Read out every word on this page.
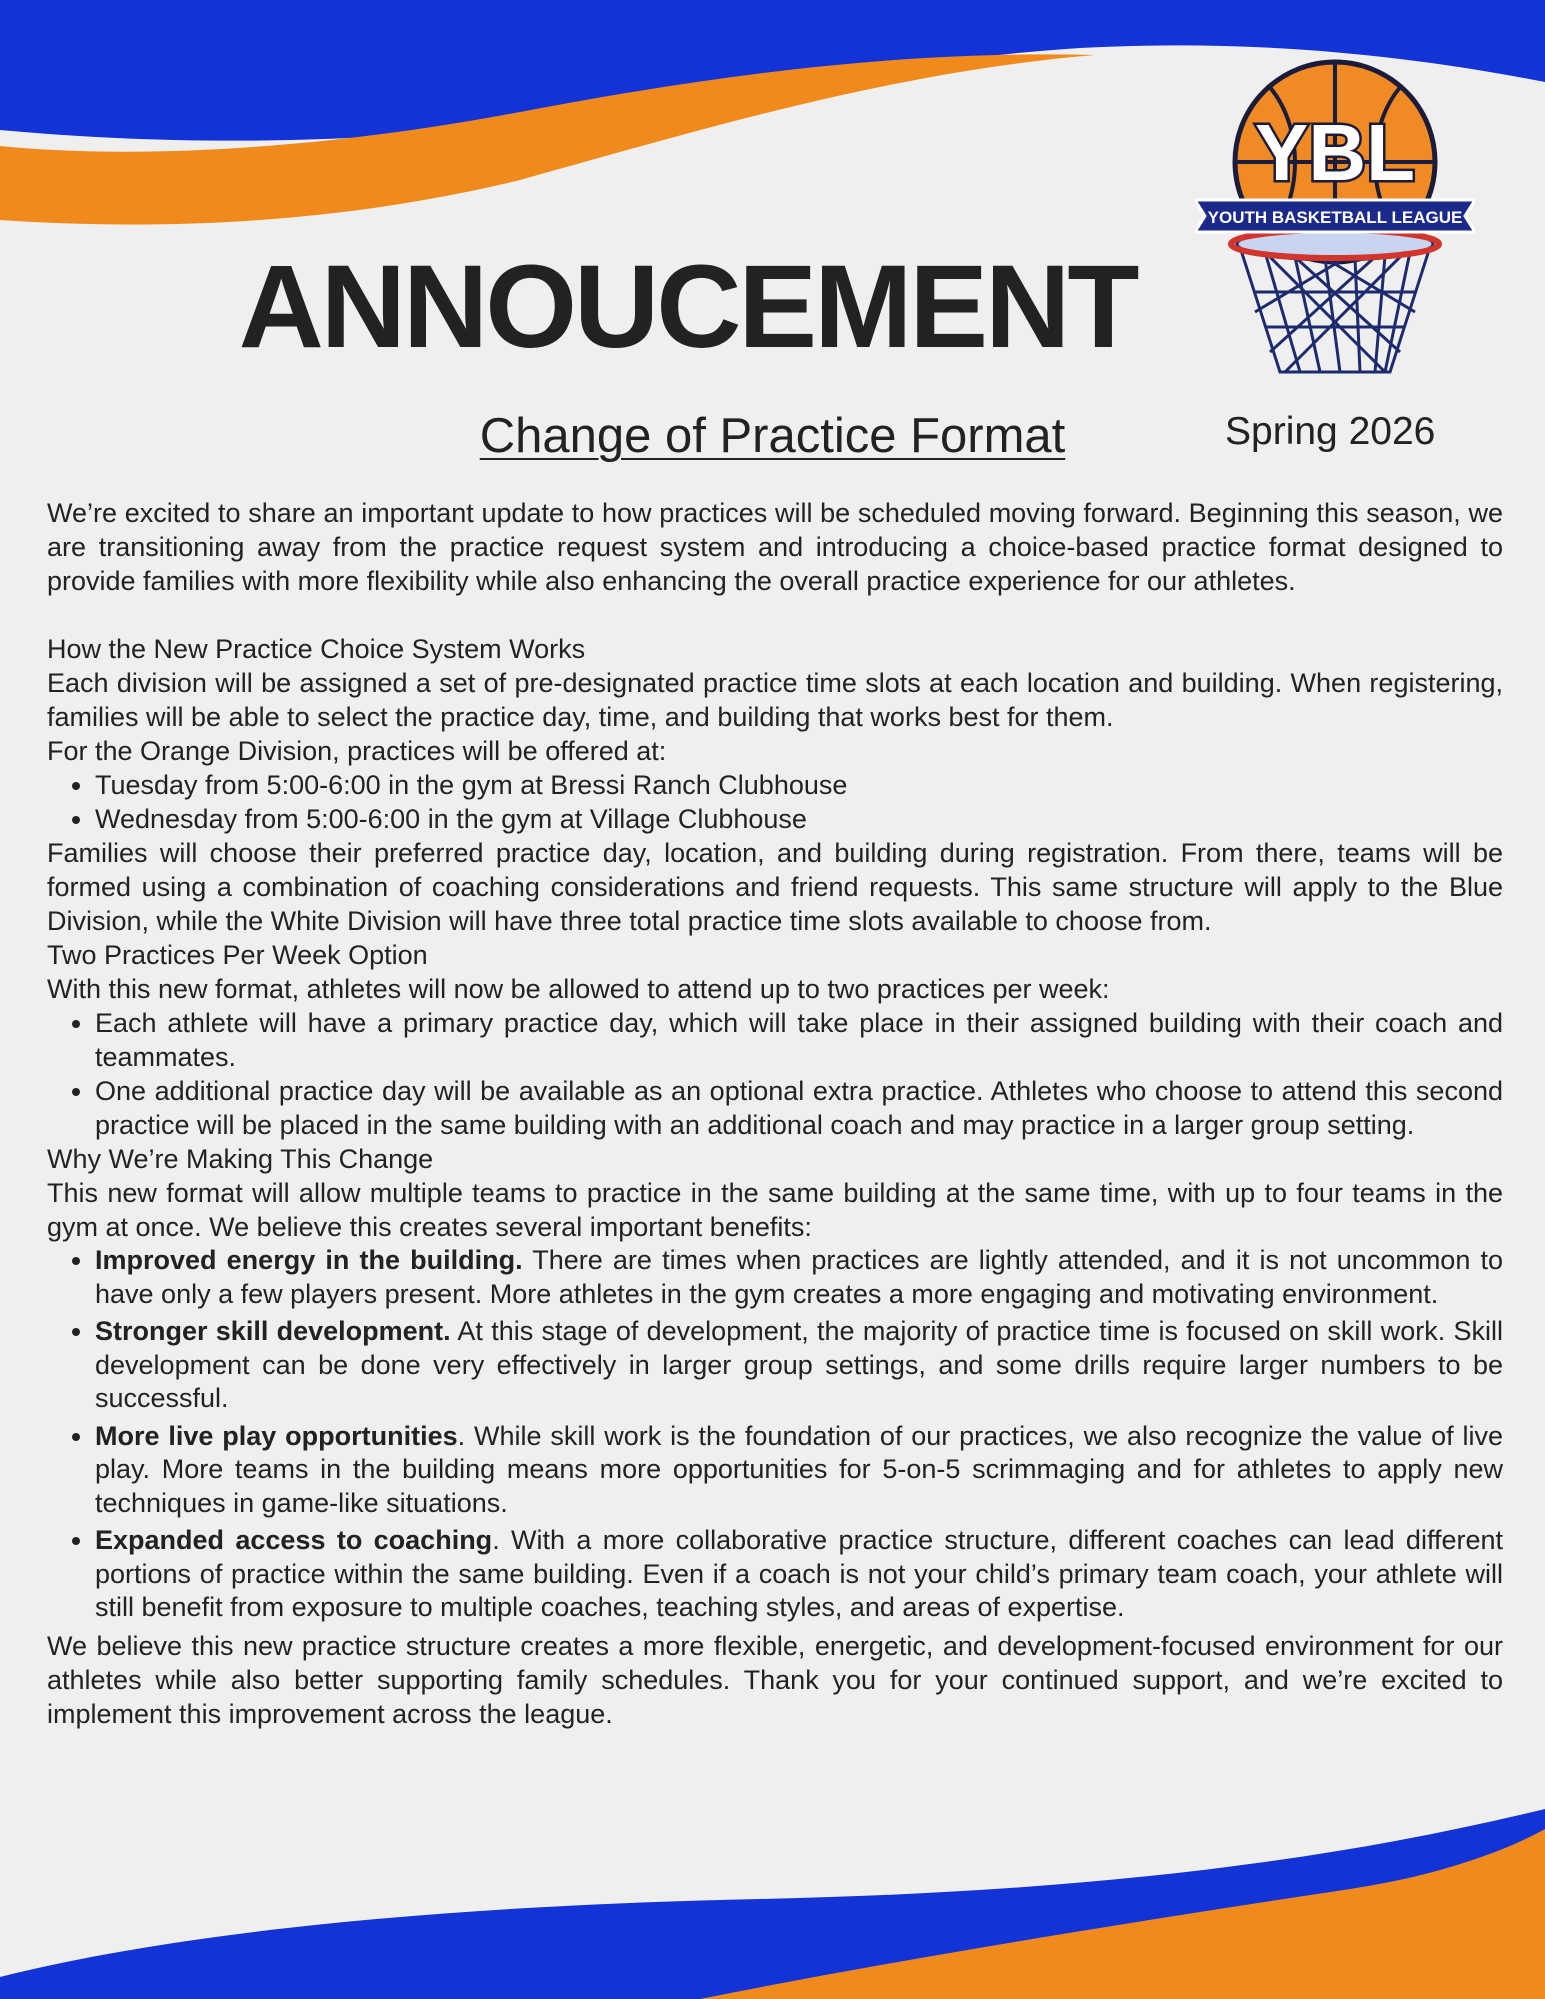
YBL
YOUTH BASKETBALL LEAGUE
ANNOUCEMENT
Change of Practice Format	Spring 2026

We’re excited to share an important update to how practices will be scheduled moving forward. Beginning this season, we are transitioning away from the practice request system and introducing a choice-based practice format designed to provide families with more flexibility while also enhancing the overall practice experience for our athletes.

How the New Practice Choice System Works

Each division will be assigned a set of pre-designated practice time slots at each location and building. When registering, families will be able to select the practice day, time, and building that works best for them.

For the Orange Division, practices will be offered at:

• Tuesday from 5:00-6:00 in the gym at Bressi Ranch Clubhouse
• Wednesday from 5:00-6:00 in the gym at Village Clubhouse

Families will choose their preferred practice day, location, and building during registration. From there, teams will be formed using a combination of coaching considerations and friend requests. This same structure will apply to the Blue Division, while the White Division will have three total practice time slots available to choose from.

Two Practices Per Week Option

With this new format, athletes will now be allowed to attend up to two practices per week:

• Each athlete will have a primary practice day, which will take place in their assigned building with their coach and teammates.
• One additional practice day will be available as an optional extra practice. Athletes who choose to attend this second practice will be placed in the same building with an additional coach and may practice in a larger group setting.
Why We’re Making This Change

This new format will allow multiple teams to practice in the same building at the same time, with up to four teams in the gym at once. We believe this creates several important benefits:

• Improved energy in the building. There are times when practices are lightly attended, and it is not uncommon to have only a few players present. More athletes in the gym creates a more engaging and motivating environment.
• Stronger skill development. At this stage of development, the majority of practice time is focused on skill work. Skill development can be done very effectively in larger group settings, and some drills require larger numbers to be successful.
• More live play opportunities. While skill work is the foundation of our practices, we also recognize the value of live play. More teams in the building means more opportunities for 5-on-5 scrimmaging and for athletes to apply new techniques in game-like situations.
• Expanded access to coaching. With a more collaborative practice structure, different coaches can lead different portions of practice within the same building. Even if a coach is not your child’s primary team coach, your athlete will still benefit from exposure to multiple coaches, teaching styles, and areas of expertise.

We believe this new practice structure creates a more flexible, energetic, and development-focused environment for our athletes while also better supporting family schedules. Thank you for your continued support, and we’re excited to implement this improvement across the league.
